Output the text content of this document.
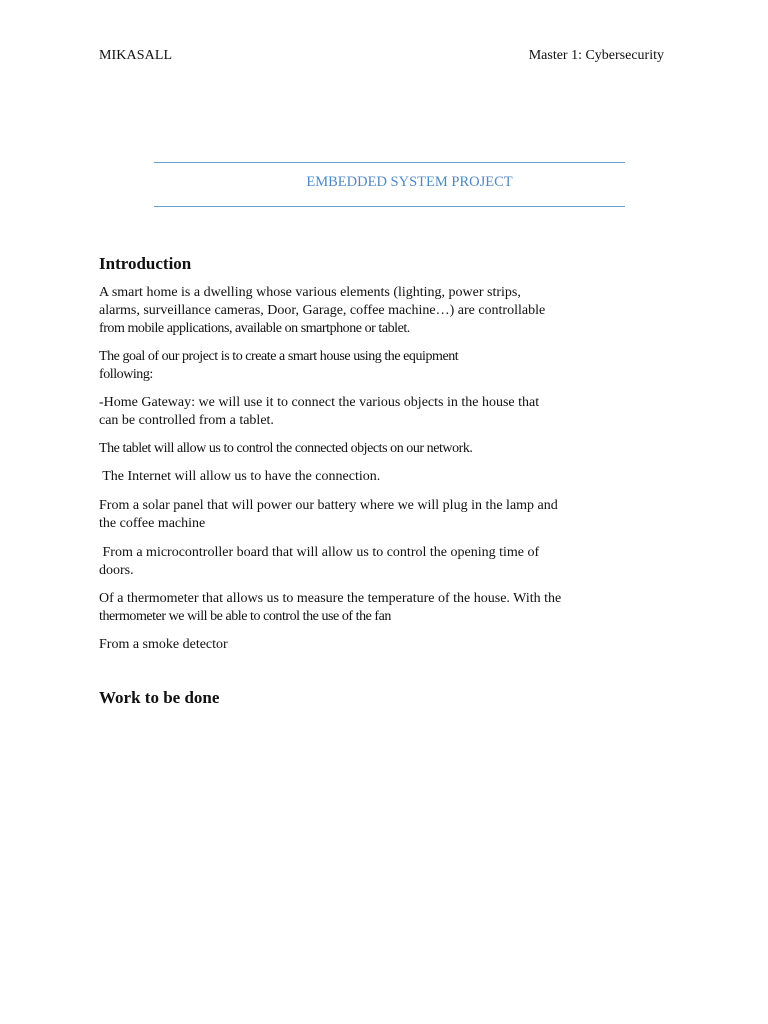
MIKASALL	Master 1: Cybersecurity
EMBEDDED SYSTEM PROJECT
Introduction
A smart home is a dwelling whose various elements (lighting, power strips,
alarms, surveillance cameras, Door, Garage, coffee machine…) are controllable
from mobile applications, available on smartphone or tablet.
The goal of our project is to create a smart house using the equipment
following:
-Home Gateway: we will use it to connect the various objects in the house that
can be controlled from a tablet.
The tablet will allow us to control the connected objects on our network.
The Internet will allow us to have the connection.
From a solar panel that will power our battery where we will plug in the lamp and
the coffee machine
From a microcontroller board that will allow us to control the opening time of
doors.
Of a thermometer that allows us to measure the temperature of the house. With the
thermometer we will be able to control the use of the fan
From a smoke detector
Work to be done
